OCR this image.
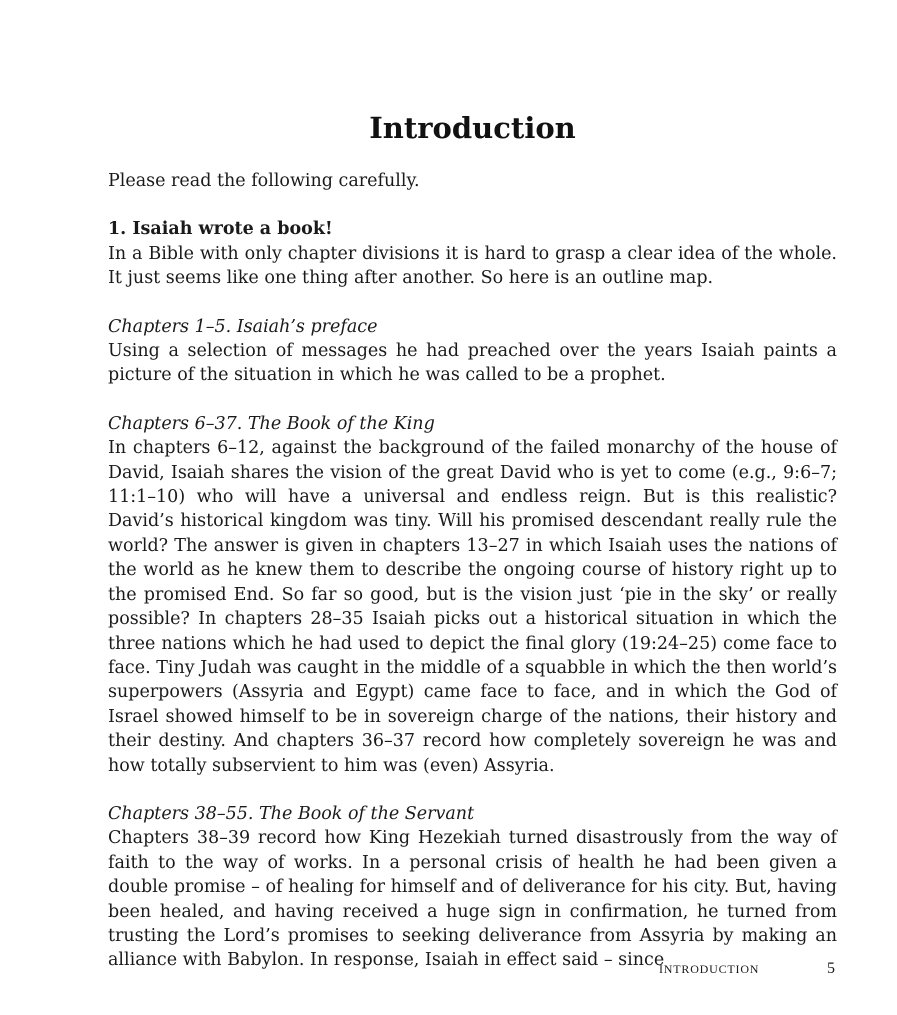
Introduction

Please read the following carefully.

1. Isaiah wrote a book!

In a Bible with only chapter divisions it is hard to grasp a clear idea of the whole. It just seems like one thing after another. So here is an outline map.

Chapters 1–5. Isaiah’s preface

Using a selection of messages he had preached over the years Isaiah paints a picture of the situation in which he was called to be a prophet.

Chapters 6–37. The Book of the King

In chapters 6–12, against the background of the failed monarchy of the house of David, Isaiah shares the vision of the great David who is yet to come (e.g., 9:6–7; 11:1–10) who will have a universal and endless reign. But is this realistic? David’s historical kingdom was tiny. Will his promised descendant really rule the world? The answer is given in chapters 13–27 in which Isaiah uses the nations of the world as he knew them to describe the ongoing course of history right up to the promised End. So far so good, but is the vision just ‘pie in the sky’ or really possible? In chapters 28–35 Isaiah picks out a historical situation in which the three nations which he had used to depict the final glory (19:24–25) come face to face. Tiny Judah was caught in the middle of a squabble in which the then world’s superpowers (Assyria and Egypt) came face to face, and in which the God of Israel showed himself to be in sovereign charge of the nations, their history and their destiny. And chapters 36–37 record how completely sovereign he was and how totally subservient to him was (even) Assyria.

Chapters 38–55. The Book of the Servant

Chapters 38–39 record how King Hezekiah turned disastrously from the way of faith to the way of works. In a personal crisis of health he had been given a double promise – of healing for himself and of deliverance for his city. But, having been healed, and having received a huge sign in confirmation, he turned from trusting the Lord’s promises to seeking deliverance from Assyria by making an alliance with Babylon. In response, Isaiah in effect said – since

INTRODUCTION	5
